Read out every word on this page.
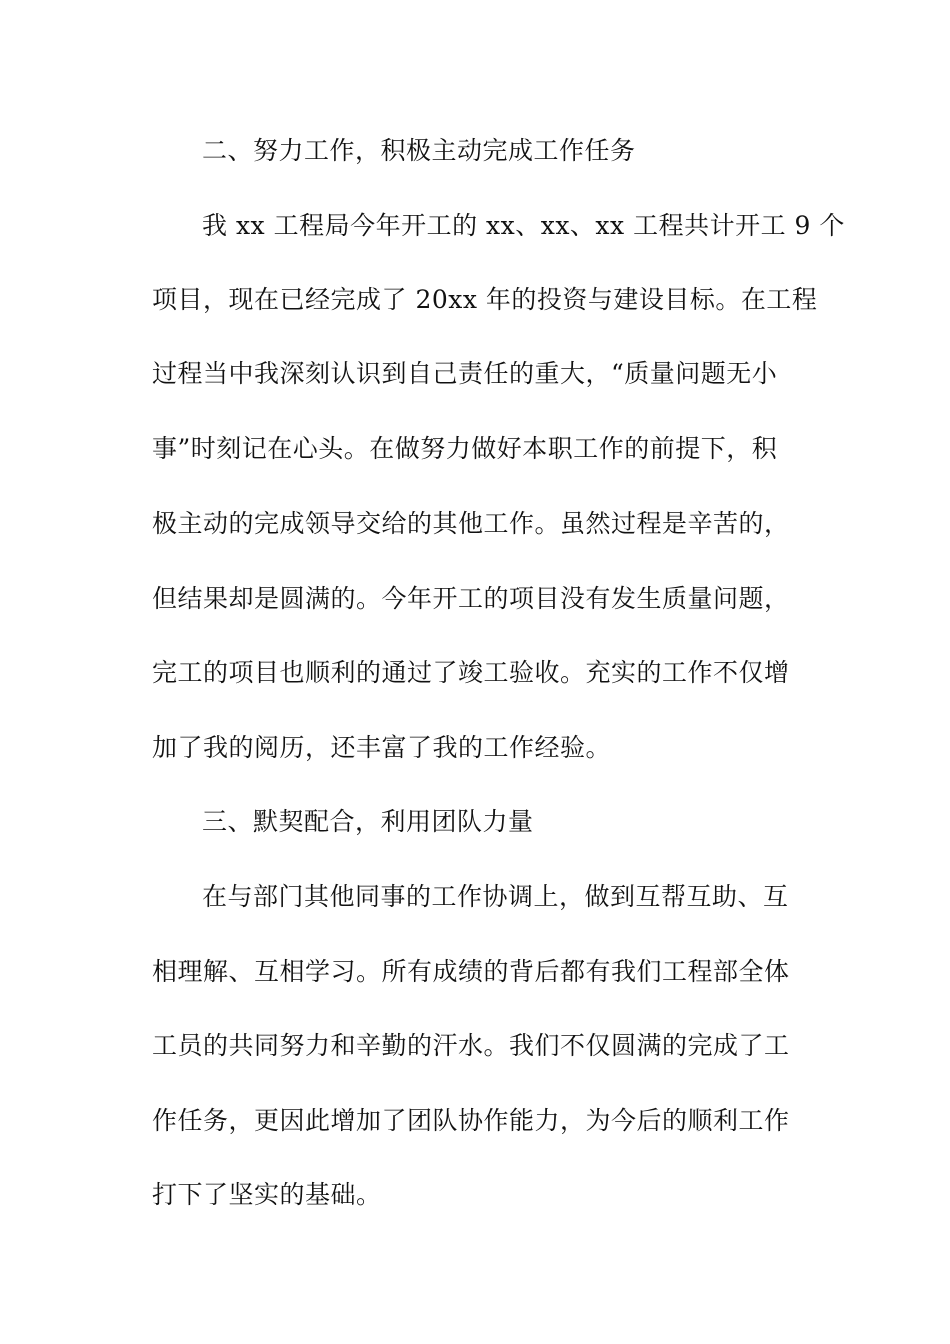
二、努力工作，积极主动完成工作任务
我 xx 工程局今年开工的 xx、xx、xx 工程共计开工 9 个
项目，现在已经完成了 20xx 年的投资与建设目标。在工程
过程当中我深刻认识到自己责任的重大，“质量问题无小
事”时刻记在心头。在做努力做好本职工作的前提下，积
极主动的完成领导交给的其他工作。虽然过程是辛苦的，
但结果却是圆满的。今年开工的项目没有发生质量问题，
完工的项目也顺利的通过了竣工验收。充实的工作不仅增
加了我的阅历，还丰富了我的工作经验。
三、默契配合，利用团队力量
在与部门其他同事的工作协调上，做到互帮互助、互
相理解、互相学习。所有成绩的背后都有我们工程部全体
工员的共同努力和辛勤的汗水。我们不仅圆满的完成了工
作任务，更因此增加了团队协作能力，为今后的顺利工作
打下了坚实的基础。
